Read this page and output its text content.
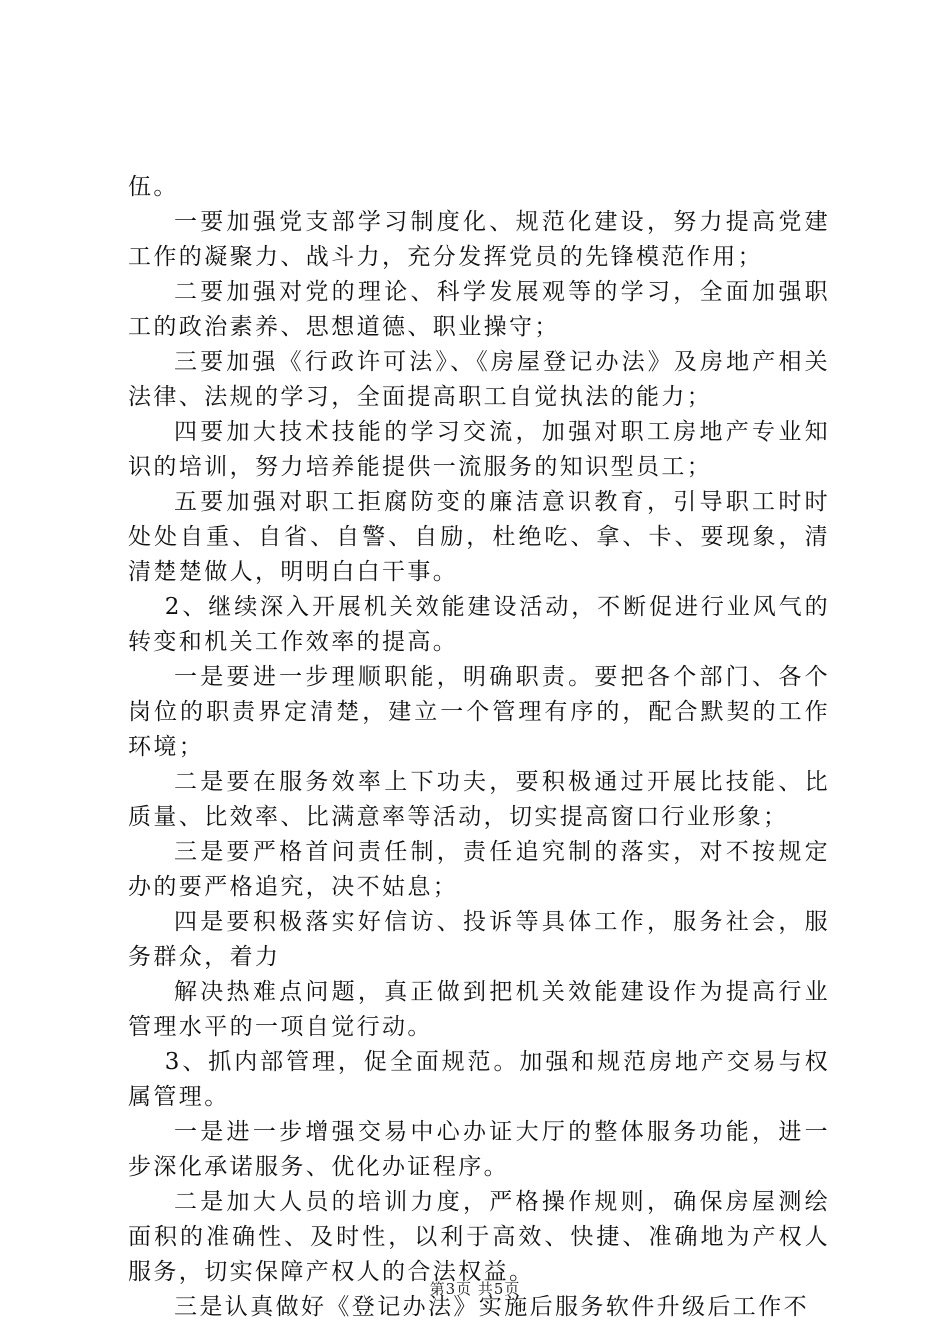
伍。

一要加强党支部学习制度化、规范化建设，努力提高党建工作的凝聚力、战斗力，充分发挥党员的先锋模范作用；

二要加强对党的理论、科学发展观等的学习，全面加强职工的政治素养、思想道德、职业操守；

三要加强《行政许可法》、《房屋登记办法》及房地产相关法律、法规的学习，全面提高职工自觉执法的能力；

四要加大技术技能的学习交流，加强对职工房地产专业知识的培训，努力培养能提供一流服务的知识型员工；

五要加强对职工拒腐防变的廉洁意识教育，引导职工时时处处自重、自省、自警、自励，杜绝吃、拿、卡、要现象，清清楚楚做人，明明白白干事。

2、继续深入开展机关效能建设活动，不断促进行业风气的转变和机关工作效率的提高。

一是要进一步理顺职能，明确职责。要把各个部门、各个岗位的职责界定清楚，建立一个管理有序的，配合默契的工作环境；

二是要在服务效率上下功夫，要积极通过开展比技能、比质量、比效率、比满意率等活动，切实提高窗口行业形象；

三是要严格首问责任制，责任追究制的落实，对不按规定办的要严格追究，决不姑息；

四是要积极落实好信访、投诉等具体工作，服务社会，服务群众，着力

解决热难点问题，真正做到把机关效能建设作为提高行业管理水平的一项自觉行动。

3、抓内部管理，促全面规范。加强和规范房地产交易与权属管理。

一是进一步增强交易中心办证大厅的整体服务功能，进一步深化承诺服务、优化办证程序。

二是加大人员的培训力度，严格操作规则，确保房屋测绘面积的准确性、及时性，以利于高效、快捷、准确地为产权人服务，切实保障产权人的合法权益。

三是认真做好《登记办法》实施后服务软件升级后工作不

第3页 共5页
